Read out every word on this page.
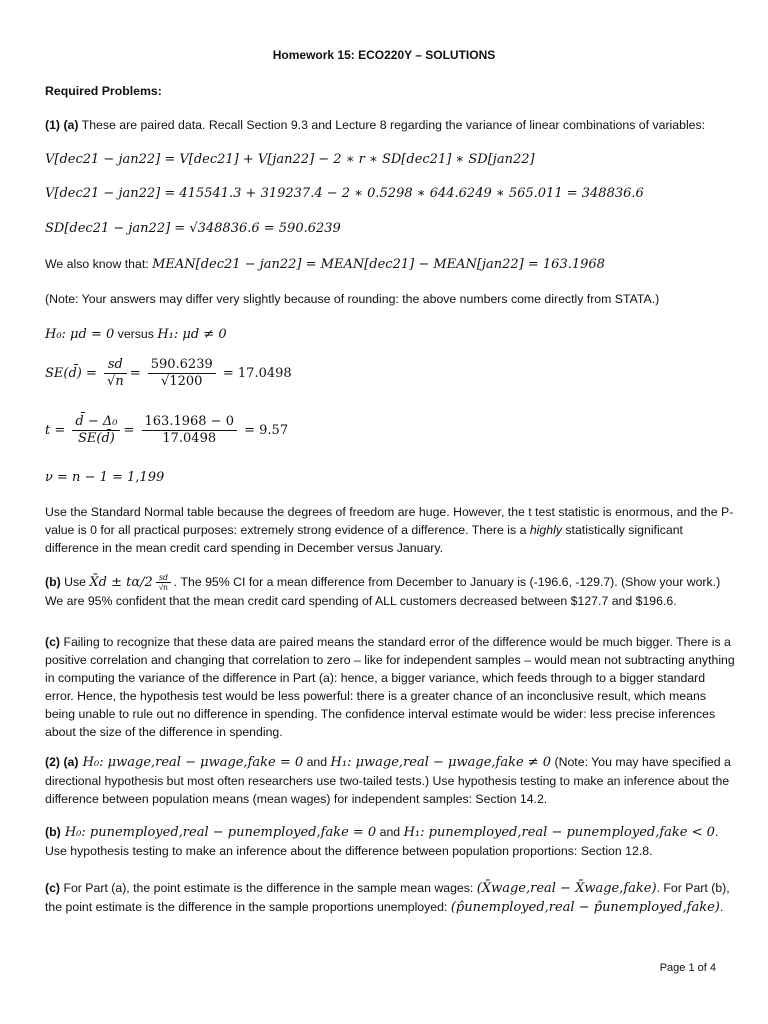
Homework 15: ECO220Y – SOLUTIONS
Required Problems:
(1) (a) These are paired data. Recall Section 9.3 and Lecture 8 regarding the variance of linear combinations of variables:
V[dec21 − jan22] = V[dec21] + V[jan22] − 2 ∗ r ∗ SD[dec21] ∗ SD[jan22]
V[dec21 − jan22] = 415541.3 + 319237.4 − 2 ∗ 0.5298 ∗ 644.6249 ∗ 565.011 = 348836.6
SD[dec21 − jan22] = √348836.6 = 590.6239
We also know that: MEAN[dec21 − jan22] = MEAN[dec21] − MEAN[jan22] = 163.1968
(Note: Your answers may differ very slightly because of rounding: the above numbers come directly from STATA.)
H₀: μd = 0 versus H₁: μd ≠ 0
SE(d̄) = $\frac{sd}{√n} = \frac{590.6239}{√1200} = 17.0498$
$t = \frac{\text{d̄ − Δ₀}}{SE(d̄)} = \frac{163.1968 - 0}{17.0498} = 9.57$
ν = n − 1 = 1,199
Use the Standard Normal table because the degrees of freedom are huge. However, the t test statistic is enormous, and the P-value is 0 for all practical purposes: extremely strong evidence of a difference. There is a highly statistically significant difference in the mean credit card spending in December versus January.
(b) Use X̄d ± $t\alpha/2 \frac{sd}{√n}$ . The 95% CI for a mean difference from December to January is (-196.6, -129.7). (Show your work.) We are 95% confident that the mean credit card spending of ALL customers decreased between $127.7 and $196.6.
(c) Failing to recognize that these data are paired means the standard error of the difference would be much bigger. There is a positive correlation and changing that correlation to zero – like for independent samples – would mean not subtracting anything in computing the variance of the difference in Part (a): hence, a bigger variance, which feeds through to a bigger standard error. Hence, the hypothesis test would be less powerful: there is a greater chance of an inconclusive result, which means being unable to rule out no difference in spending. The confidence interval estimate would be wider: less precise inferences about the size of the difference in spending.
(2) (a) H₀: μwage,real − μwage,fake = 0 and H₁: μwage,real − μwage,fake ≠ 0 (Note: You may have specified a directional hypothesis but most often researchers use two-tailed tests.) Use hypothesis testing to make an inference about the difference between population means (mean wages) for independent samples: Section 14.2.
(b) H₀: punemployed,real − punemployed,fake = 0 and H₁: punemployed,real − punemployed,fake < 0. Use hypothesis testing to make an inference about the difference between population proportions: Section 12.8.
(c) For Part (a), the point estimate is the difference in the sample mean wages: (X̄wage,real − X̄wage,fake). For Part (b), the point estimate is the difference in the sample proportions unemployed: (p̂unemployed,real − p̂unemployed,fake).
Page 1 of 4
